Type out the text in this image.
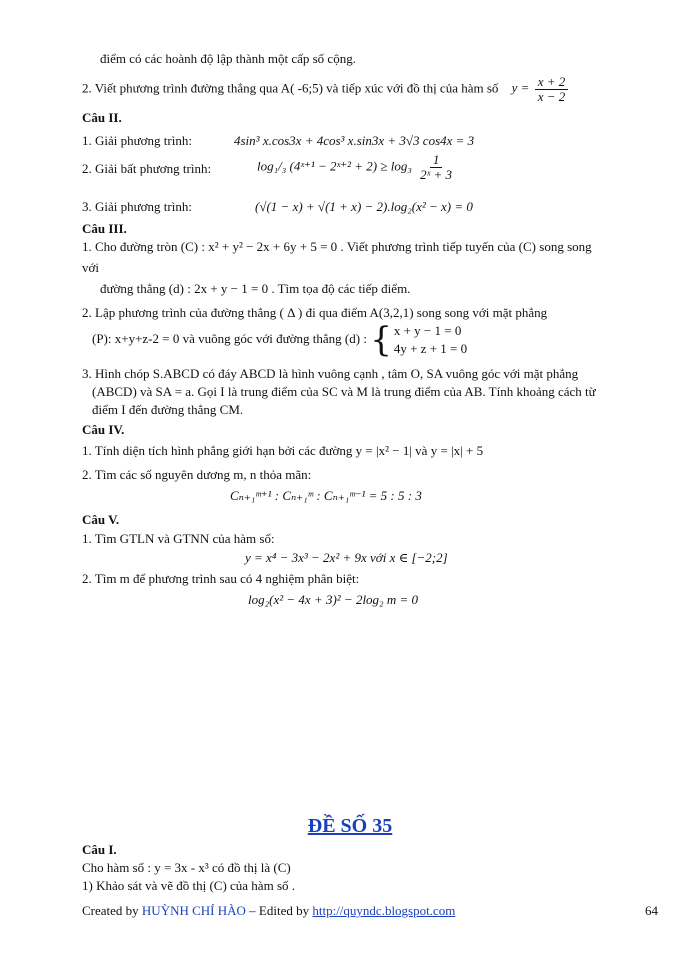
điểm có các hoành độ lập thành một cấp số cộng.
2. Viết phương trình đường thẳng qua A( -6;5) và tiếp xúc với đồ thị của hàm số $y = \frac{x + 2}{x - 2}$
Câu II.
1. Giải phương trình:	4sin³ x.cos3x + 4cos³ x.sin3x + 3√3 cos4x = 3
2. Giải bất phương trình:	log₁/₃ (4ˣ⁺¹ − 2ˣ⁺² + $2) \ge \log_3 \frac{1}{\text{2ˣ + 3}}$
3. Giải phương trình:	(√(1 − x) + √(1 + x) − 2).log₂(x² − x) = 0
Câu III.
1. Cho đường tròn (C) : x² + y² − 2x + 6y + 5 = 0 . Viết phương trình tiếp tuyến của (C) song song
với
đường thẳng (d) : 2x + y − 1 = 0 . Tìm tọa độ các tiếp điểm.
2. Lập phương trình của đường thẳng ( Δ ) đi qua điểm A(3,2,1) song song với mặt phẳng
(P): x+y+z-2 = 0 và vuông góc với đường thẳng (d) : { x + y − 1 = 0
4y + z + 1 = 0
3. Hình chóp S.ABCD có đáy ABCD là hình vuông cạnh , tâm O, SA vuông góc với mặt phẳng
(ABCD) và SA = a. Gọi I là trung điểm của SC và M là trung điểm của AB. Tính khoảng cách từ
điểm I đến đường thẳng CM.
Câu IV.
1. Tính diện tích hình phẳng giới hạn bởi các đường y = |x² − 1| và y = |x| + 5
2. Tìm các số nguyên dương m, n thỏa mãn:
Cₙ₊₁ᵐ⁺¹ : Cₙ₊₁ᵐ : Cₙ₊₁ᵐ⁻¹ = 5 : 5 : 3
Câu V.
1. Tìm GTLN và GTNN của hàm số:
y = x⁴ − 3x³ − 2x² + 9x với x ∈ [−2;2]
2. Tìm m để phương trình sau có 4 nghiệm phân biệt:
log₂(x² − 4x + 3)² − 2log₂ m = 0
ĐỀ SỐ 35
Câu I.
Cho hàm số : y = 3x - x³ có đồ thị là (C)
1) Khảo sát và vẽ đồ thị (C) của hàm số .
Created by HUỲNH CHÍ HÀO – Edited by http://quyndc.blogspot.com	64
